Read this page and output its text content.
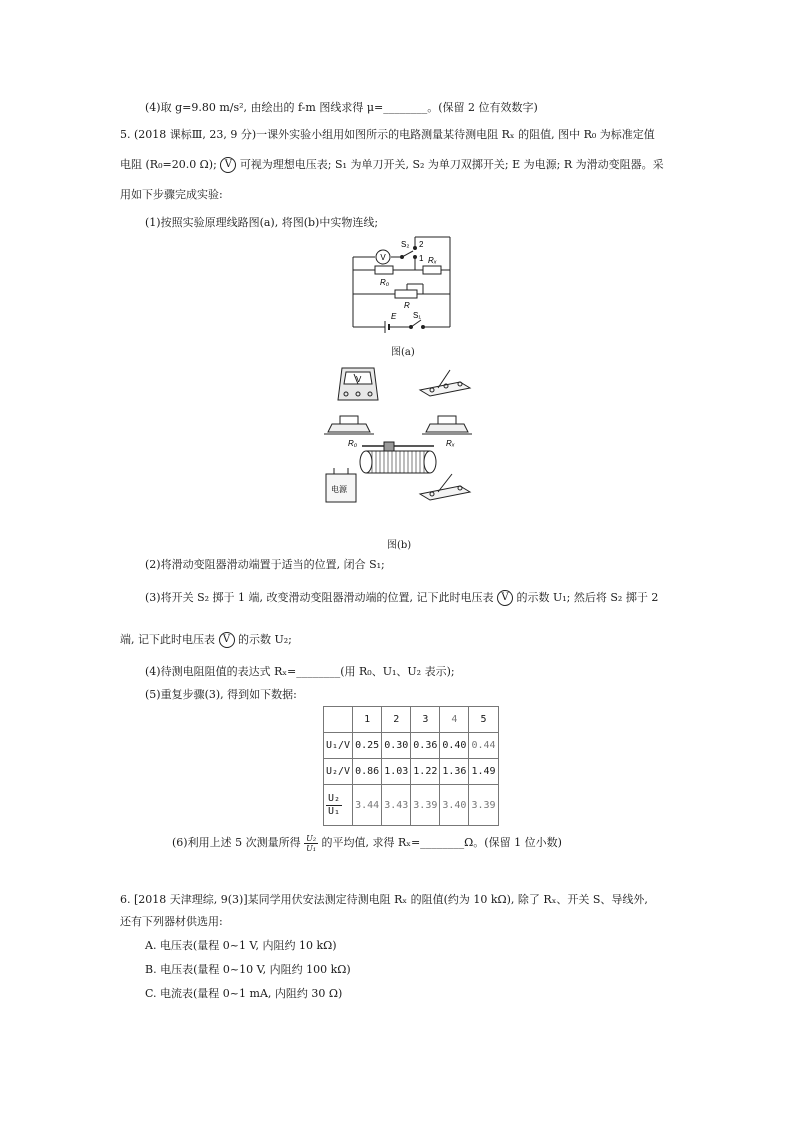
(4)取 g=9.80 m/s², 由绘出的 f-m 图线求得 μ=________。(保留 2 位有效数字)
5. (2018 课标Ⅲ, 23, 9 分)一课外实验小组用如图所示的电路测量某待测电阻 Rₓ 的阻值, 图中 R₀ 为标准定值
电阻 (R₀=20.0 Ω); V 可视为理想电压表; S₁ 为单刀开关, S₂ 为单刀双掷开关; E 为电源; R 为滑动变阻器。采
用如下步骤完成实验:
(1)按照实验原理线路图(a), 将图(b)中实物连线;
V
S₂ 2
1 Rₓ
R₀
R
E S₁
图(a)
V
R₀	Rₓ
电源
图(b)
(2)将滑动变阻器滑动端置于适当的位置, 闭合 S₁;
(3)将开关 S₂ 掷于 1 端, 改变滑动变阻器滑动端的位置, 记下此时电压表 V 的示数 U₁; 然后将 S₂ 掷于 2
端, 记下此时电压表 V 的示数 U₂;
(4)待测电阻阻值的表达式 Rₓ=________(用 R₀、U₁、U₂ 表示);
(5)重复步骤(3), 得到如下数据:
	1	2	3	4	5
U₁/V	0.25	0.30	0.36	0.40	0.44
U₂/V	0.86	1.03	1.22	1.36	1.49

$\frac{\text{U₂}}{\text{U₁}}$	3.44	3.43	3.39	3.40	3.39
(6)利用上述 5 次测量所得 $\frac{\text{U₂}}{\text{U₁}}$ 的平均值, 求得 Rₓ=________Ω。(保留 1 位小数)
6. [2018 天津理综, 9(3)]某同学用伏安法测定待测电阻 Rₓ 的阻值(约为 10 kΩ), 除了 Rₓ、开关 S、导线外,
还有下列器材供选用:
A. 电压表(量程 0~1 V, 内阻约 10 kΩ)
B. 电压表(量程 0~10 V, 内阻约 100 kΩ)
C. 电流表(量程 0~1 mA, 内阻约 30 Ω)
